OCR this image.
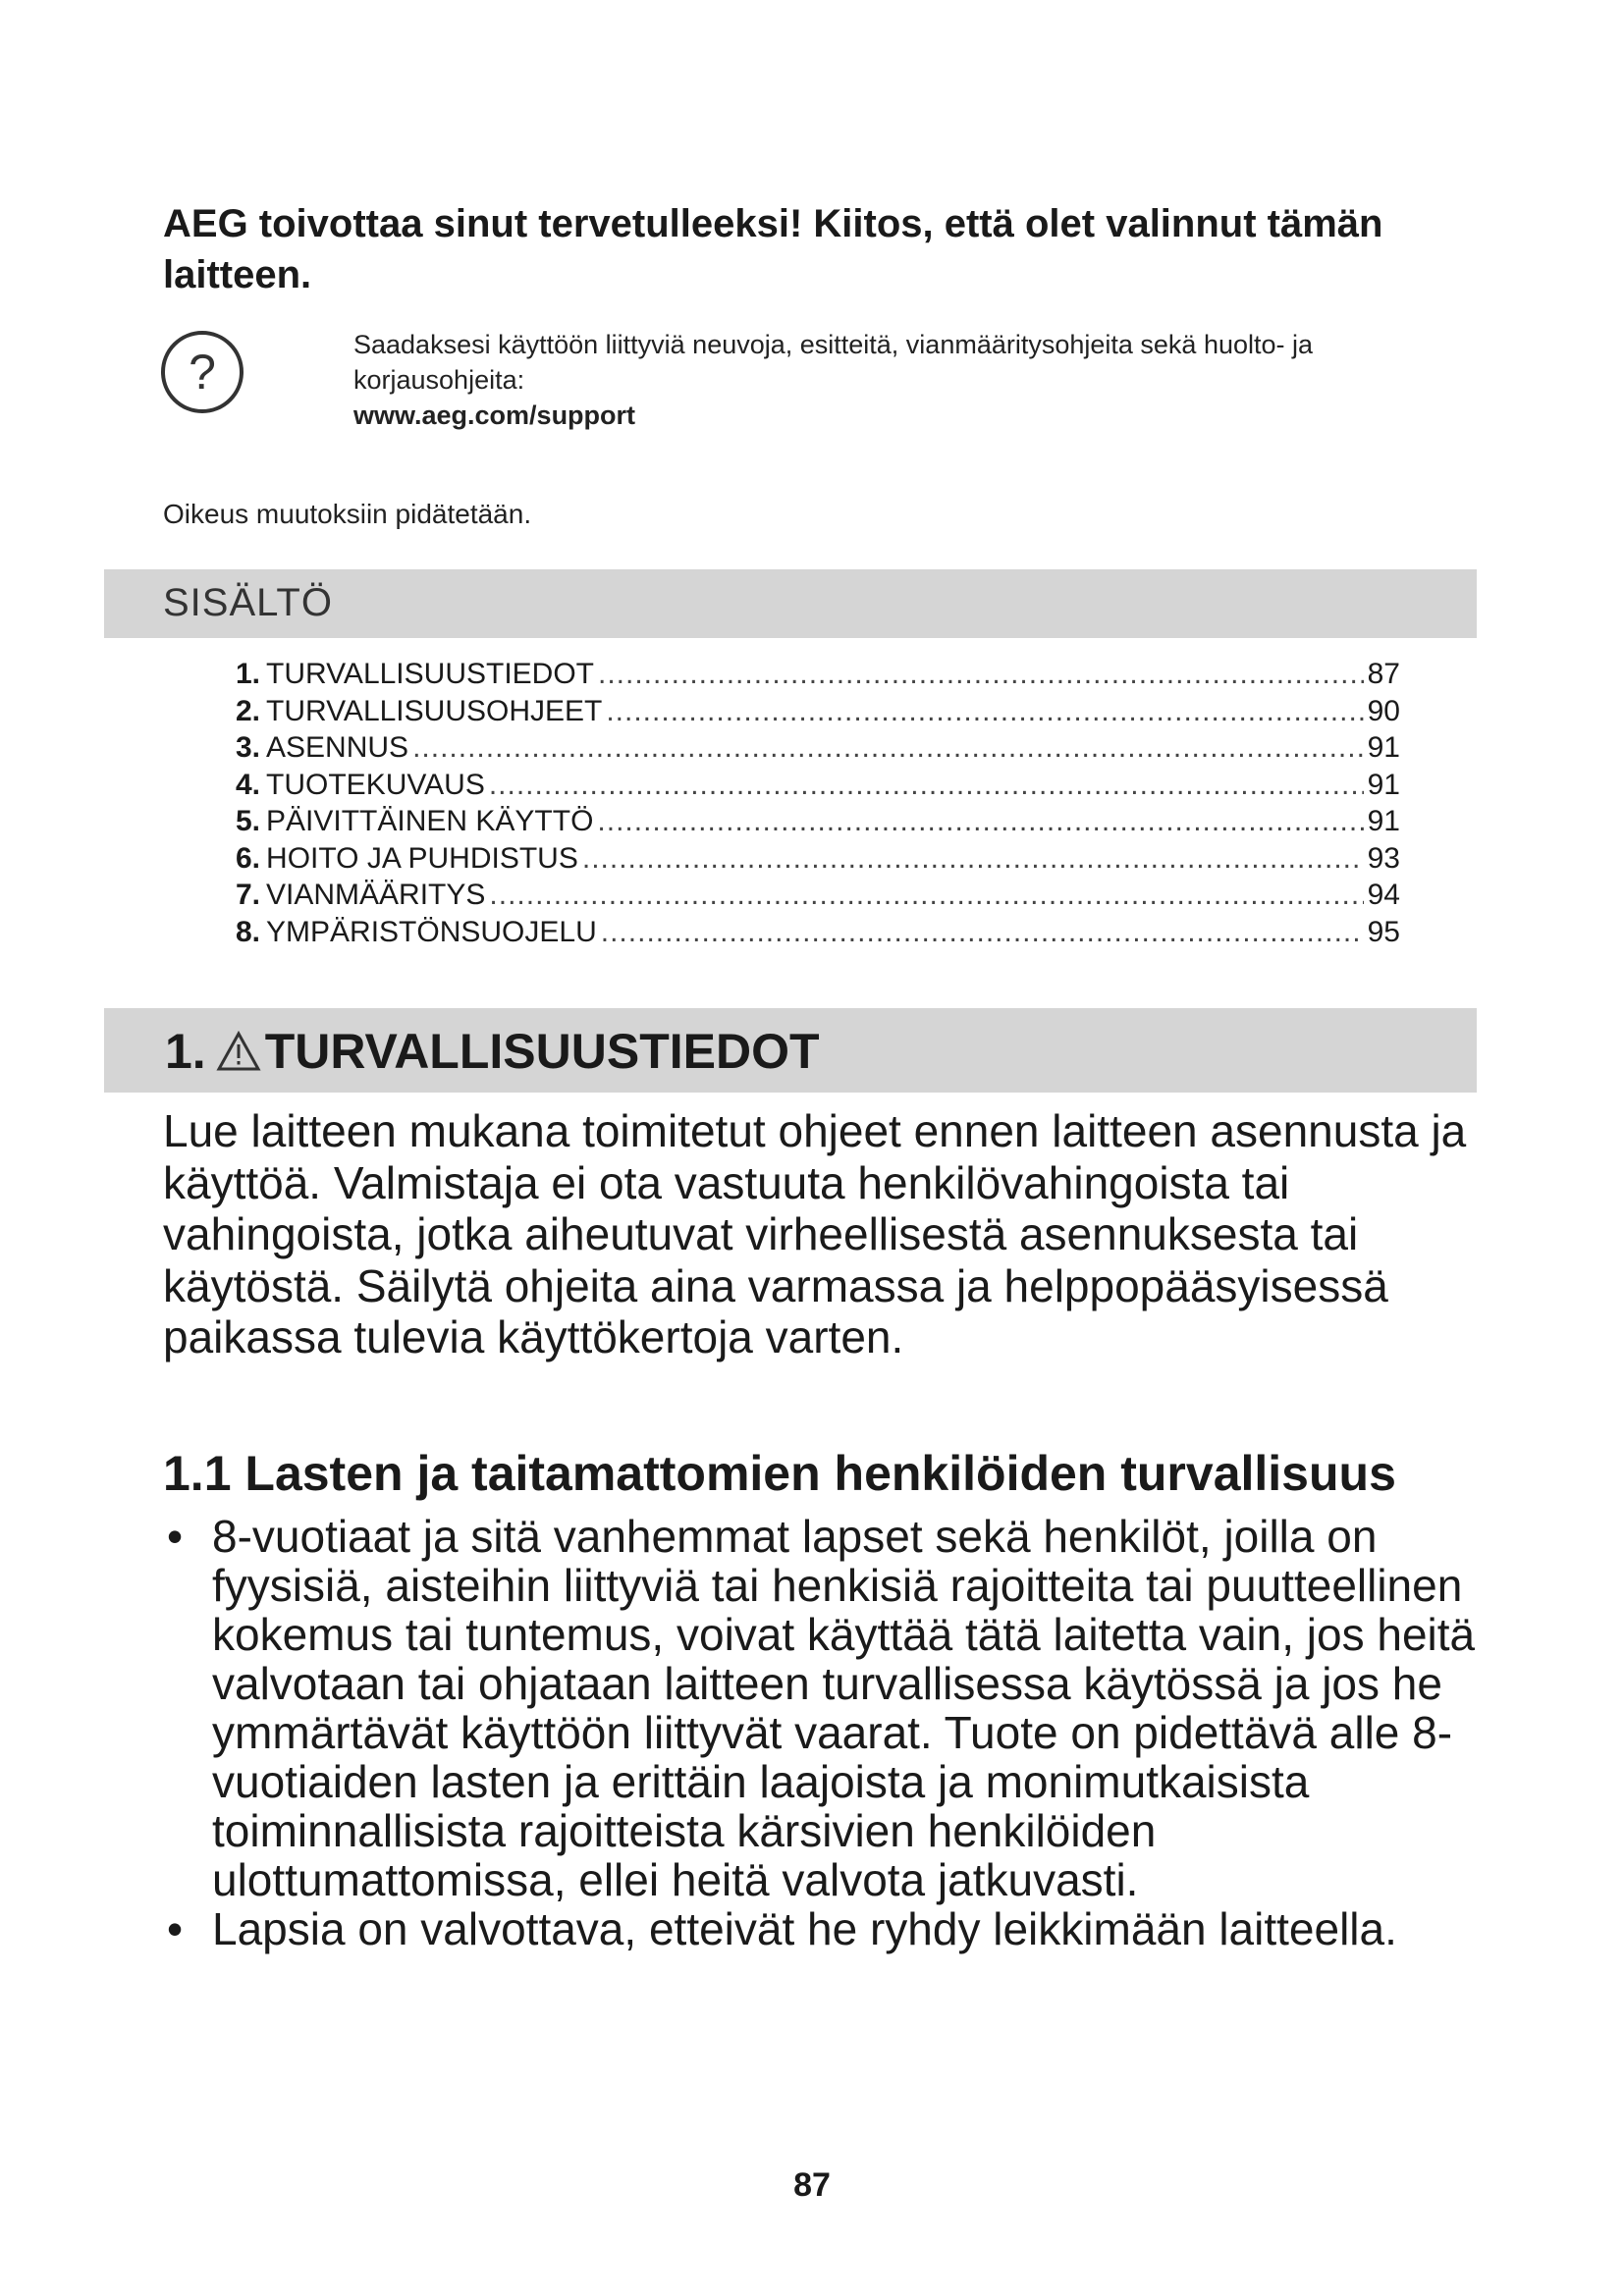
AEG toivottaa sinut tervetulleeksi! Kiitos, että olet valinnut tämän laitteen.
?	Saadaksesi käyttöön liittyviä neuvoja, esitteitä, vianmääritysohjeita sekä huolto- ja korjausohjeita:
www.aeg.com/support
Oikeus muutoksiin pidätetään.
SISÄLTÖ
1. TURVALLISUUSTIEDOT .....	87
2. TURVALLISUUSOHJEET .....	90
3. ASENNUS .....	91
4. TUOTEKUVAUS .....	91
5. PÄIVITTÄINEN KÄYTTÖ .....	91
6. HOITO JA PUHDISTUS .....	93
7. VIANMÄÄRITYS .....	94
8. YMPÄRISTÖNSUOJELU .....	95
1. TURVALLISUUSTIEDOT

Lue laitteen mukana toimitetut ohjeet ennen laitteen asennusta ja käyttöä. Valmistaja ei ota vastuuta henkilövahingoista tai vahingoista, jotka aiheutuvat virheellisestä asennuksesta tai käytöstä. Säilytä ohjeita aina varmassa ja helppopääsyisessä paikassa tulevia käyttökertoja varten.

1.1 Lasten ja taitamattomien henkilöiden turvallisuus
• 8-vuotiaat ja sitä vanhemmat lapset sekä henkilöt, joilla on fyysisiä, aisteihin liittyviä tai henkisiä rajoitteita tai puutteellinen kokemus tai tuntemus, voivat käyttää tätä laitetta vain, jos heitä valvotaan tai ohjataan laitteen turvallisessa käytössä ja jos he ymmärtävät käyttöön liittyvät vaarat. Tuote on pidettävä alle 8-vuotiaiden lasten ja erittäin laajoista ja monimutkaisista toiminnallisista rajoitteista kärsivien henkilöiden ulottumattomissa, ellei heitä valvota jatkuvasti.
• Lapsia on valvottava, etteivät he ryhdy leikkimään laitteella.
87
